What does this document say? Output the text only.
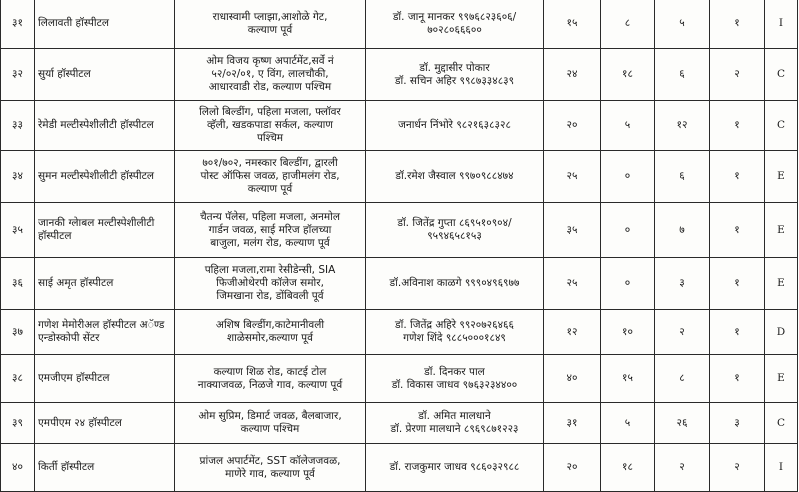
३१	लिलावती हॉस्पीटल	राधास्वामी प्लाझा,आशोळे गेट,
कल्याण पूर्व	डॉ. जानू मानकर ९९७६८२३६०६/
७०२८०६६६००	१५	८	५	१	I
३२	सुर्या हॉस्पीटल	ओम विजय कृष्ण अपार्टमेंट,सर्वे नं
५२/०२/०१, ए विंग, लालचौकी,
आधारवाडी रोड, कल्याण पश्चिम	डॉ. मुद्दासीर पोकार
डॉ. सचिन अहिर ९९८७३३४८३९	२४	१८	६	२	C
३३	रेमेडी मल्टीस्पेशीलीटी हॉस्पीटल	लिलो बिल्डींग, पहिला मजला, फ्लॉवर
व्हॅली, खडकपाडा सर्कल, कल्याण
पश्चिम	जनार्धन निंभोरे ९८२१६३८३२८	२०	५	१२	१	C
३४	सुमन मल्टीस्पेशीलीटी हॉस्पीटल	७०१/७०२, नमस्कार बिल्डींग, द्वारली
पोस्ट ऑफिस जवळ, हाजीमलंग रोड,
कल्याण पूर्व	डॉ.रमेश जैस्वाल ९९७०९८८४७४	२५	०	६	१	E
३५	जानकी ग्लेाबल मल्टीस्पेशीलीटी हॉस्पीटल	चैतन्य पॅलेस, पहिला मजला, अनमोल
गार्डन जवळ, साई मरिज हॉलच्या
बाजुला, मलंग रोड, कल्याण पूर्व	डॉ. जितेंद्र गुप्ता ८६९५१०९०४/
९५९४६५८१५३	३५	०	७	१	E
३६	साई अमृत हॉस्पीटल	पहिला मजला,रामा रेसीडेन्सी, SIA
फिजीओथेरपी कॉलेज समोर,
जिमखाना रोड, डोंबिवली पूर्व	डॉ.अविनाश काळगे ९९९०४९६९७७	२५	०	३	१	E
३७	गणेश मेमोरीअल हॉस्पीटल अॅण्ड एन्डोस्कोपी सेंटर	अशिष बिल्डींग,काटेमानीवली
शाळेसमोर,कल्याण पूर्व	डॉ. जितेंद्र अहिरे ९९२०७२६४६६
गणेश शिंदे ९८८५०००१८४९	१२	१०	२	१	D
३८	एमजीएम हॉस्पीटल	कल्याण शिळ रोड, काटई टोल
नाक्याजवळ, निळजे गाव, कल्याण पूर्व	डॉ. दिनकर पाल
डॉ. विकास जाधव ९७६३२३४४००	४०	१५	८	१	E
३९	एमपीएम २४ हॉस्पीटल	ओम सुप्रिम, डिमार्ट जवळ, बैलबाजार,
कल्याण पश्चिम	डॉ. अमित मालधाने
डॉ. प्रेरणा मालधाने ८९६९८७१२२३	३१	५	२६	३	C
४०	किर्ती हॉस्पीटल	प्रांजल अपार्टमेंट, SST कॉलेजजवळ,
माणेरे गाव, कल्याण पूर्व	डॉ. राजकुमार जाधव ९८६०३२९८८	२०	१८	२	२	I
